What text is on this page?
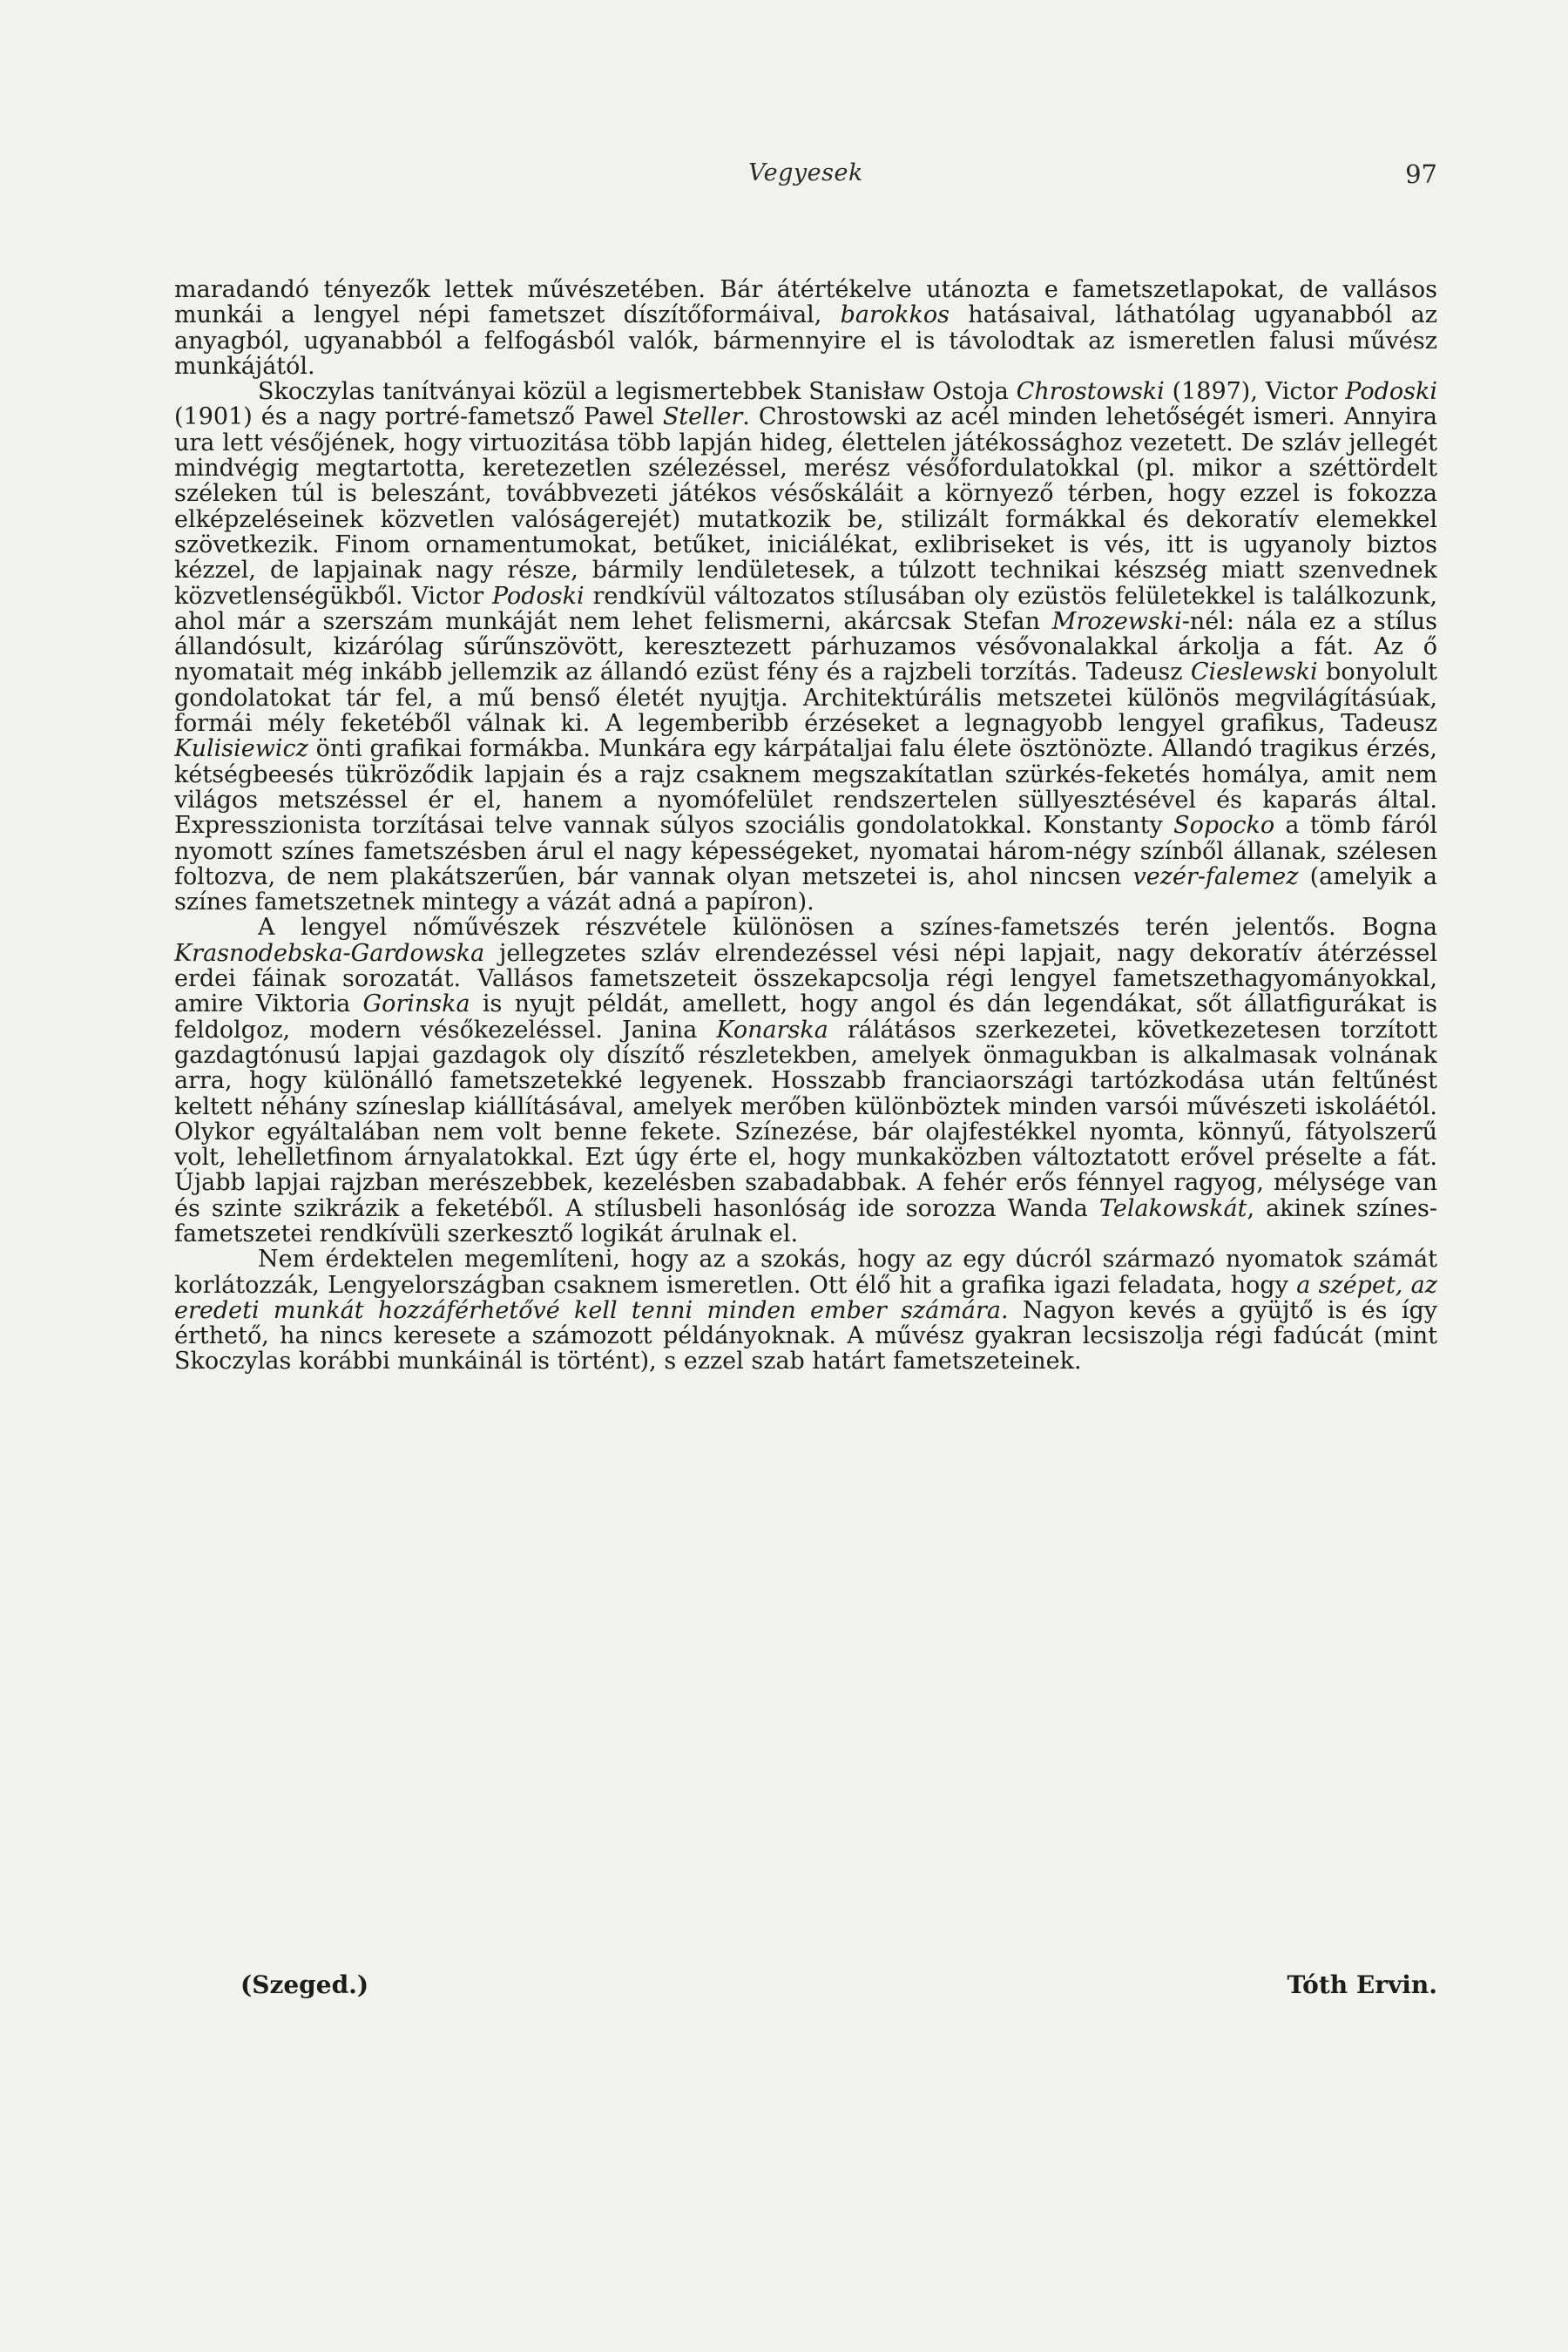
Vegyesek	97

maradandó tényezők lettek művészetében. Bár átértékelve utánozta e fametszetlapokat, de vallásos munkái a lengyel népi fametszet díszítőformáival, barokkos hatásaival, láthatólag ugyanabból az anyagból, ugyanabból a felfogásból valók, bármennyire el is távolodtak az ismeretlen falusi művész munkájától.

Skoczylas tanítványai közül a legismertebbek Stanisław Ostoja Chrostowski (1897), Victor Podoski (1901) és a nagy portré-fametsző Pawel Steller. Chrostowski az acél minden lehetőségét ismeri. Annyira ura lett vésőjének, hogy virtuozitása több lapján hideg, élettelen játékossághoz vezetett. De szláv jellegét mindvégig megtartotta, keretezetlen szélezéssel, merész vésőfordulatokkal (pl. mikor a széttördelt széleken túl is beleszánt, továbbvezeti játékos vésőskáláit a környező térben, hogy ezzel is fokozza elképzeléseinek közvetlen valóságerejét) mutatkozik be, stilizált formákkal és dekoratív elemekkel szövetkezik. Finom ornamentumokat, betűket, iniciálékat, exlibriseket is vés, itt is ugyanoly biztos kézzel, de lapjainak nagy része, bármily lendületesek, a túlzott technikai készség miatt szenvednek közvetlenségükből. Victor Podoski rendkívül változatos stílusában oly ezüstös felületekkel is találkozunk, ahol már a szerszám munkáját nem lehet felismerni, akárcsak Stefan Mrozewski-nél: nála ez a stílus állandósult, kizárólag sűrűnszövött, keresztezett párhuzamos vésővonalakkal árkolja a fát. Az ő nyomatait még inkább jellemzik az állandó ezüst fény és a rajzbeli torzítás. Tadeusz Cieslewski bonyolult gondolatokat tár fel, a mű benső életét nyujtja. Architektúrális metszetei különös megvilágításúak, formái mély feketéből válnak ki. A legemberibb érzéseket a legnagyobb lengyel grafikus, Tadeusz Kulisiewicz önti grafikai formákba. Munkára egy kárpátaljai falu élete ösztönözte. Állandó tragikus érzés, kétségbeesés tükröződik lapjain és a rajz csaknem megszakítatlan szürkés-feketés homálya, amit nem világos metszéssel ér el, hanem a nyomófelület rendszertelen süllyesztésével és kaparás által. Expresszionista torzításai telve vannak súlyos szociális gondolatokkal. Konstanty Sopocko a tömb fáról nyomott színes fametszésben árul el nagy képességeket, nyomatai három-négy színből állanak, szélesen foltozva, de nem plakátszerűen, bár vannak olyan metszetei is, ahol nincsen vezér-falemez (amelyik a színes fametszetnek mintegy a vázát adná a papíron).

A lengyel nőművészek részvétele különösen a színes-fametszés terén jelentős. Bogna Krasnodebska-Gardowska jellegzetes szláv elrendezéssel vési népi lapjait, nagy dekoratív átérzéssel erdei fáinak sorozatát. Vallásos fametszeteit összekapcsolja régi lengyel fametszethagyományokkal, amire Viktoria Gorinska is nyujt példát, amellett, hogy angol és dán legendákat, sőt állatfigurákat is feldolgoz, modern vésőkezeléssel. Janina Konarska rálátásos szerkezetei, következetesen torzított gazdagtónusú lapjai gazdagok oly díszítő részletekben, amelyek önmagukban is alkalmasak volnának arra, hogy különálló fametszetekké legyenek. Hosszabb franciaországi tartózkodása után feltűnést keltett néhány színeslap kiállításával, amelyek merőben különböztek minden varsói művészeti iskoláétól. Olykor egyáltalában nem volt benne fekete. Színezése, bár olajfestékkel nyomta, könnyű, fátyolszerű volt, lehelletfinom árnyalatokkal. Ezt úgy érte el, hogy munkaközben változtatott erővel préselte a fát. Újabb lapjai rajzban merészebbek, kezelésben szabadabbak. A fehér erős fénnyel ragyog, mélysége van és szinte szikrázik a feketéből. A stílusbeli hasonlóság ide sorozza Wanda Telakowskát, akinek színes-fametszetei rendkívüli szerkesztő logikát árulnak el.

Nem érdektelen megemlíteni, hogy az a szokás, hogy az egy dúcról származó nyomatok számát korlátozzák, Lengyelországban csaknem ismeretlen. Ott élő hit a grafika igazi feladata, hogy a szépet, az eredeti munkát hozzáférhetővé kell tenni minden ember számára. Nagyon kevés a gyüjtő is és így érthető, ha nincs keresete a számozott példányoknak. A művész gyakran lecsiszolja régi fadúcát (mint Skoczylas korábbi munkáinál is történt), s ezzel szab határt fametszeteinek.

(Szeged.)	Tóth Ervin.
